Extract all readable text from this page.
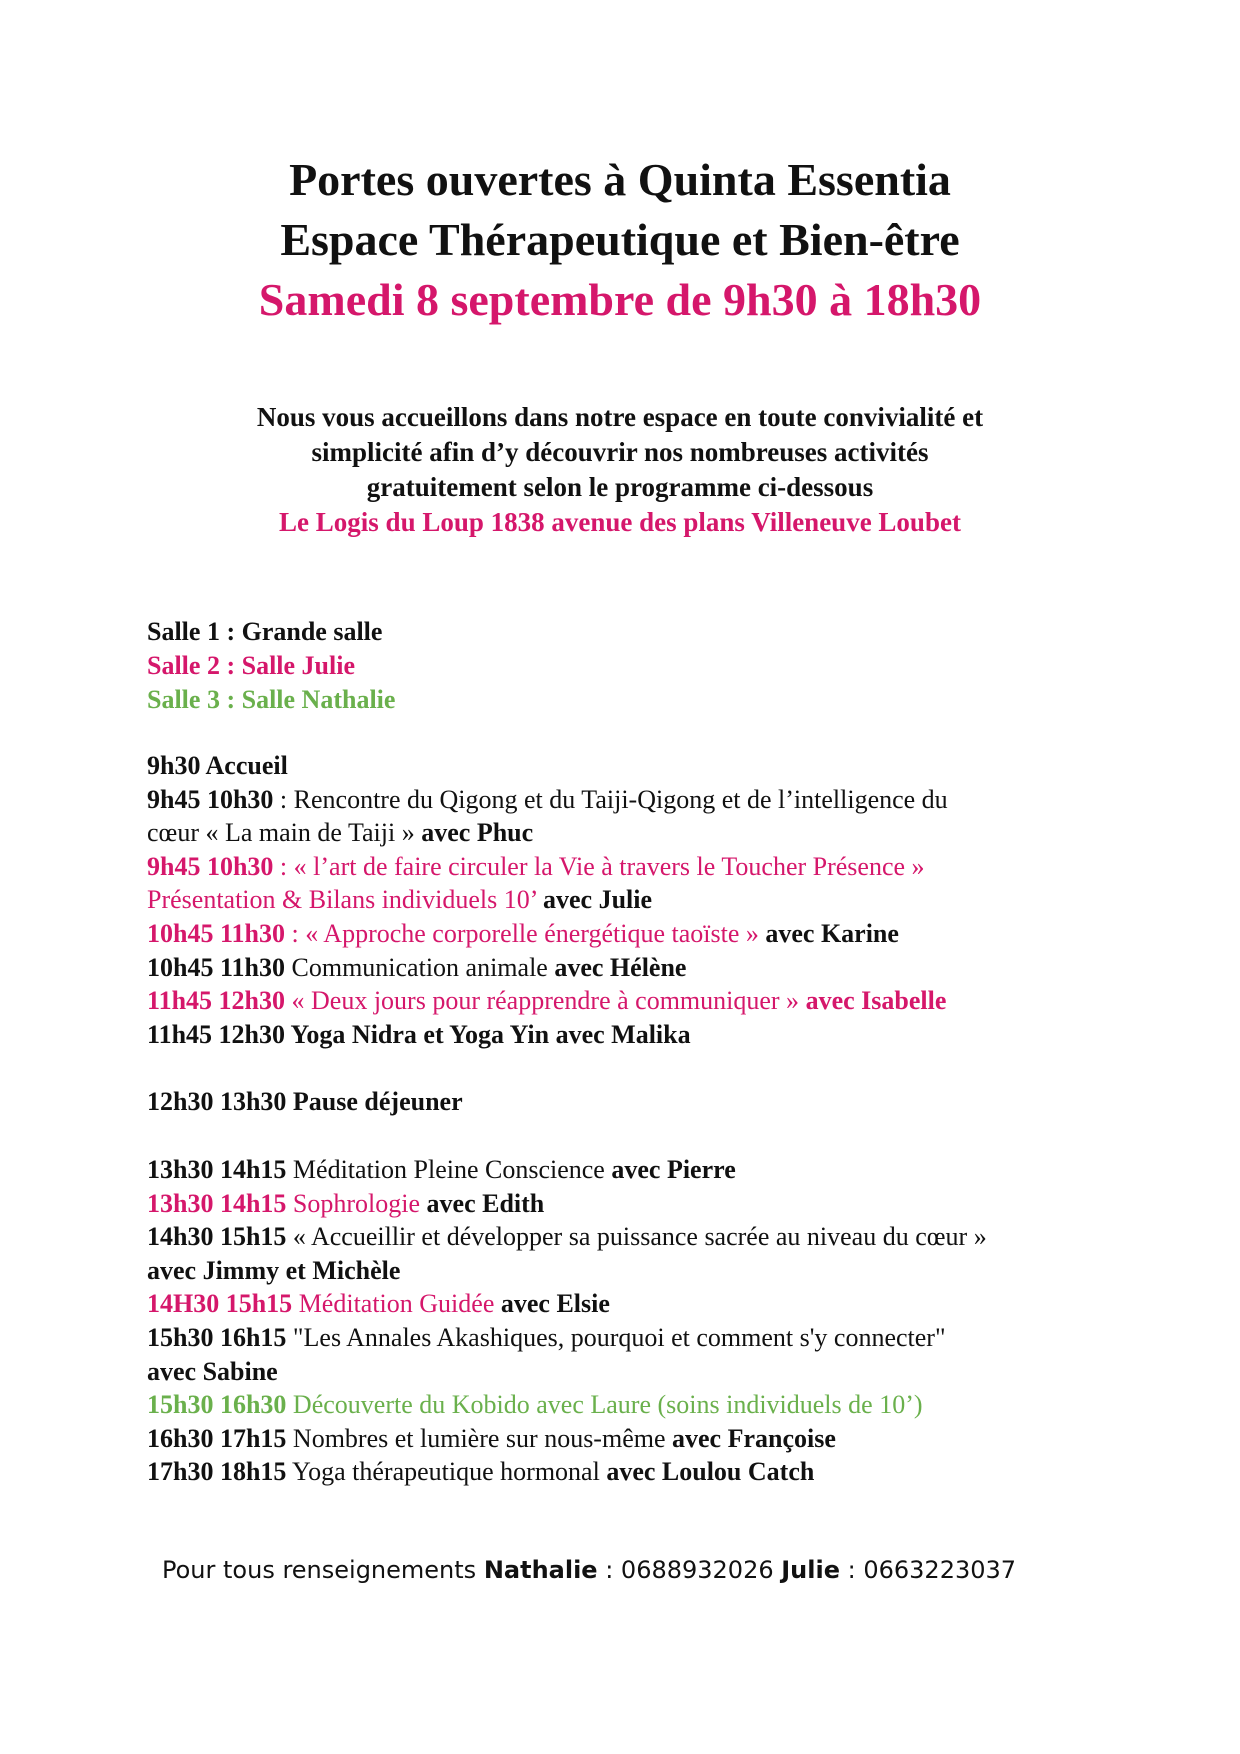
Portes ouvertes à Quinta Essentia
Espace Thérapeutique et Bien-être
Samedi 8 septembre de 9h30 à 18h30
Nous vous accueillons dans notre espace en toute convivialité et
simplicité afin d’y découvrir nos nombreuses activités
gratuitement selon le programme ci-dessous
Le Logis du Loup 1838 avenue des plans Villeneuve Loubet
Salle 1 : Grande salle
Salle 2 : Salle Julie
Salle 3 : Salle Nathalie
9h30 Accueil
9h45 10h30 : Rencontre du Qigong et du Taiji-Qigong et de l’intelligence du
cœur « La main de Taiji » avec Phuc
9h45 10h30 : « l’art de faire circuler la Vie à travers le Toucher Présence »
Présentation & Bilans individuels 10’ avec Julie
10h45 11h30 : « Approche corporelle énergétique taoïste » avec Karine
10h45 11h30 Communication animale avec Hélène
11h45 12h30 « Deux jours pour réapprendre à communiquer » avec Isabelle
11h45 12h30 Yoga Nidra et Yoga Yin avec Malika
12h30 13h30 Pause déjeuner
13h30 14h15 Méditation Pleine Conscience avec Pierre
13h30 14h15 Sophrologie avec Edith
14h30 15h15 « Accueillir et développer sa puissance sacrée au niveau du cœur »
avec Jimmy et Michèle
14H30 15h15 Méditation Guidée avec Elsie
15h30 16h15 "Les Annales Akashiques, pourquoi et comment s'y connecter"
avec Sabine
15h30 16h30 Découverte du Kobido avec Laure (soins individuels de 10’)
16h30 17h15 Nombres et lumière sur nous-même avec Françoise
17h30 18h15 Yoga thérapeutique hormonal avec Loulou Catch
Pour tous renseignements Nathalie : 0688932026 Julie : 0663223037
